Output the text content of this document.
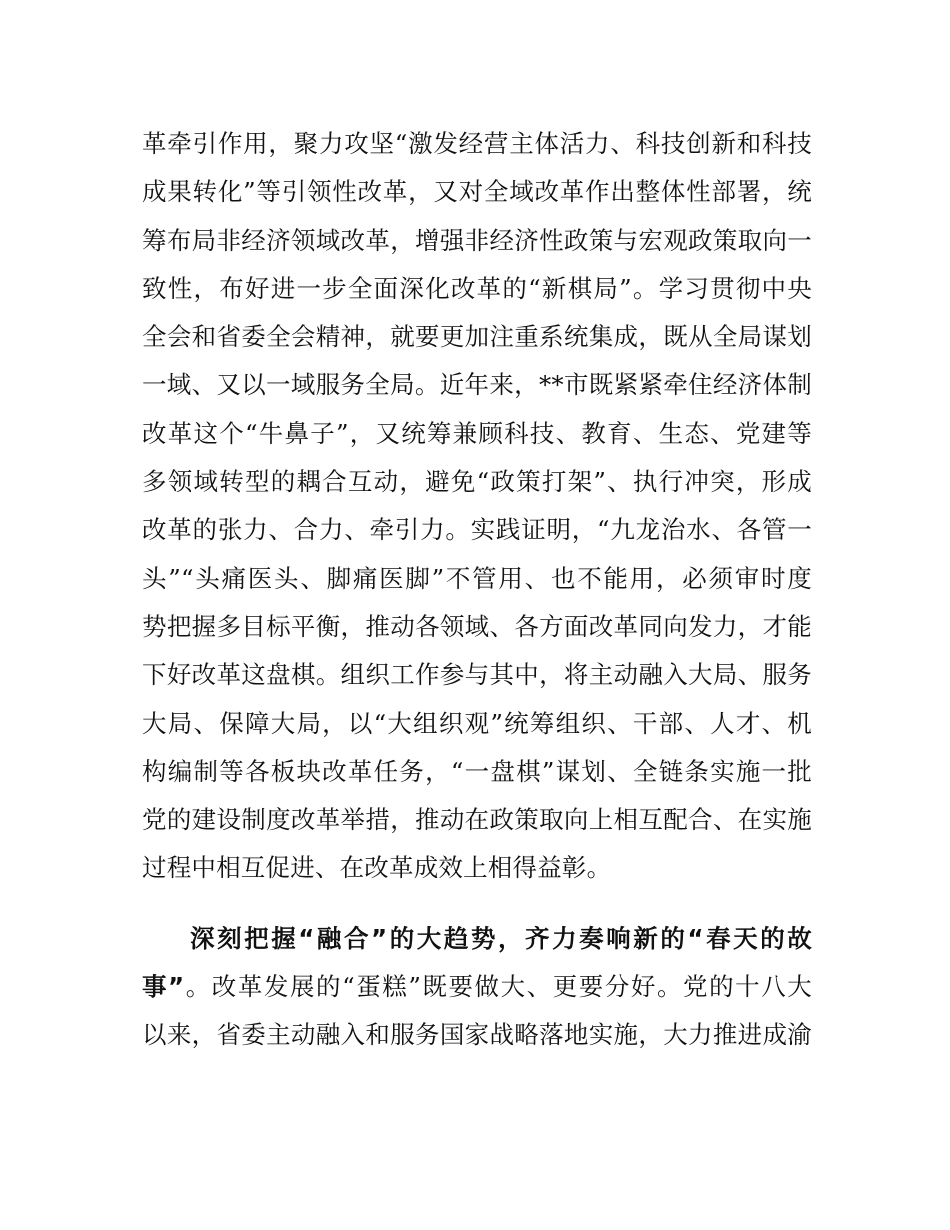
革牵引作用，聚力攻坚“激发经营主体活力、科技创新和科技
成果转化”等引领性改革，又对全域改革作出整体性部署，统
筹布局非经济领域改革，增强非经济性政策与宏观政策取向一
致性，布好进一步全面深化改革的“新棋局”。学习贯彻中央
全会和省委全会精神，就要更加注重系统集成，既从全局谋划
一域、又以一域服务全局。近年来，**市既紧紧牵住经济体制
改革这个“牛鼻子”，又统筹兼顾科技、教育、生态、党建等
多领域转型的耦合互动，避免“政策打架”、执行冲突，形成
改革的张力、合力、牵引力。实践证明，“九龙治水、各管一
头”“头痛医头、脚痛医脚”不管用、也不能用，必须审时度
势把握多目标平衡，推动各领域、各方面改革同向发力，才能
下好改革这盘棋。组织工作参与其中，将主动融入大局、服务
大局、保障大局，以“大组织观”统筹组织、干部、人才、机
构编制等各板块改革任务，“一盘棋”谋划、全链条实施一批
党的建设制度改革举措，推动在政策取向上相互配合、在实施
过程中相互促进、在改革成效上相得益彰。
深刻把握“融合”的大趋势，齐力奏响新的“春天的故
事”。改革发展的“蛋糕”既要做大、更要分好。党的十八大
以来，省委主动融入和服务国家战略落地实施，大力推进成渝
